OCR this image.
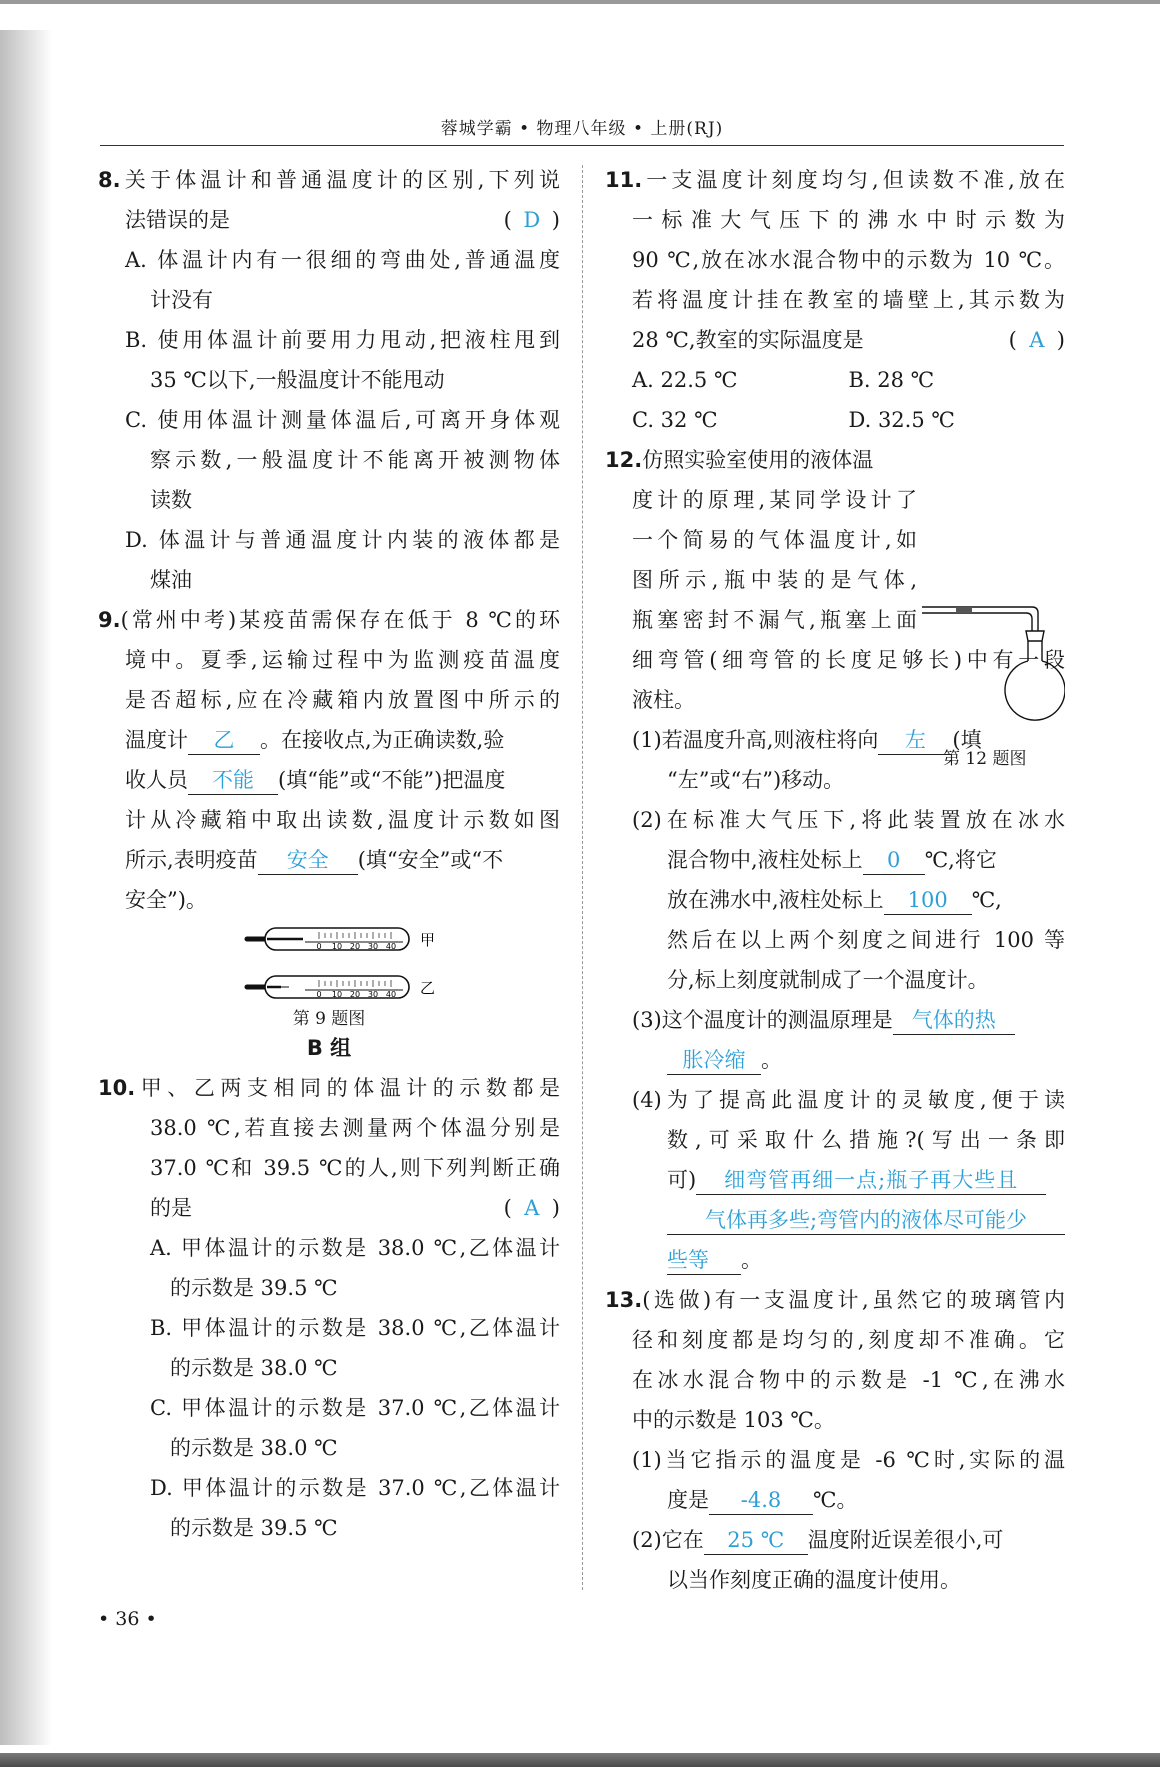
蓉城学霸 • 物理八年级 • 上册(RJ)
8.关于体温计和普通温度计的区别,下列说
法错误的是	( D )
A. 体温计内有一很细的弯曲处,普通温度
计没有
B. 使用体温计前要用力甩动,把液柱甩到
35 ℃以下,一般温度计不能甩动
C. 使用体温计测量体温后,可离开身体观
察示数,一般温度计不能离开被测物体
读数
D. 体温计与普通温度计内装的液体都是
煤油
9.(常州中考)某疫苗需保存在低于 8 ℃的环
境中。夏季,运输过程中为监测疫苗温度
是否超标,应在冷藏箱内放置图中所示的
温度计 乙 。在接收点,为正确读数,验
收人员 不能 (填“能”或“不能”)把温度
计从冷藏箱中取出读数,温度计示数如图
所示,表明疫苗 安全 (填“安全”或“不
安全”)。
0 10 20 30 40 甲
0 10 20 30 40 乙
第 9 题图
B 组
10.甲、乙两支相同的体温计的示数都是
38.0 ℃,若直接去测量两个体温分别是
37.0 ℃和 39.5 ℃的人,则下列判断正确
的是	( A )
A. 甲体温计的示数是 38.0 ℃,乙体温计
的示数是 39.5 ℃
B. 甲体温计的示数是 38.0 ℃,乙体温计
的示数是 38.0 ℃
C. 甲体温计的示数是 37.0 ℃,乙体温计
的示数是 38.0 ℃
D. 甲体温计的示数是 37.0 ℃,乙体温计
的示数是 39.5 ℃
11.一支温度计刻度均匀,但读数不准,放在
一标准大气压下的沸水中时示数为
90 ℃,放在冰水混合物中的示数为 10 ℃。
若将温度计挂在教室的墙壁上,其示数为
28 ℃,教室的实际温度是	( A )
A. 22.5 ℃	B. 28 ℃
C. 32 ℃	D. 32.5 ℃
12.仿照实验室使用的液体温
度计的原理,某同学设计了
一个简易的气体温度计,如
图所示,瓶中装的是气体,
瓶塞密封不漏气,瓶塞上面
细弯管(细弯管的长度足够长)中有一段
液柱。
(1)若温度升高,则液柱将向 左 (填
“左”或“右”)移动。
(2)在标准大气压下,将此装置放在冰水
混合物中,液柱处标上 0 ℃,将它
放在沸水中,液柱处标上 100 ℃,
然后在以上两个刻度之间进行 100 等
分,标上刻度就制成了一个温度计。
(3)这个温度计的测温原理是 气体的热
胀冷缩 。
(4)为了提高此温度计的灵敏度,便于读
数,可采取什么措施?(写出一条即
可) 细弯管再细一点;瓶子再大些且
气体再多些;弯管内的液体尽可能少
些等 。
13.(选做)有一支温度计,虽然它的玻璃管内
径和刻度都是均匀的,刻度却不准确。它
在冰水混合物中的示数是 -1 ℃,在沸水
中的示数是 103 ℃。
(1)当它指示的温度是 -6 ℃时,实际的温
度是 -4.8 ℃。
(2)它在 25 ℃ 温度附近误差很小,可
以当作刻度正确的温度计使用。
第 12 题图
• 36 •
